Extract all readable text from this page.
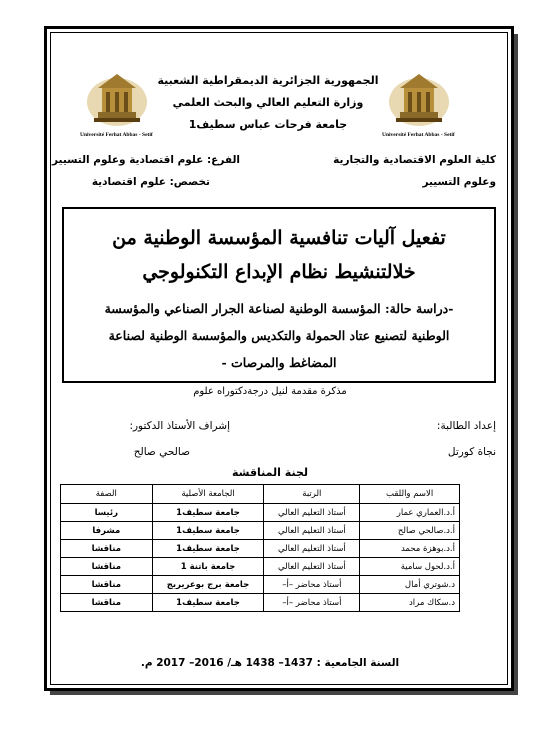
Université Ferhat Abbas - Setif	Université Ferhat Abbas - Setif
الجمهورية الجزائرية الديمقراطية الشعبية
وزارة التعليم العالي والبحث العلمي
جامعة فرحات عباس سطيف1
كلية العلوم الاقتصادية والتجارية
وعلوم التسيير
الفرع: علوم اقتصادية وعلوم التسيير
تخصص: علوم اقتصادية
تفعيل آليات تنافسية المؤسسة الوطنية من
خلالتنشيط نظام الإبداع التكنولوجي
-دراسة حالة: المؤسسة الوطنية لصناعة الجرار الصناعي والمؤسسة
الوطنية لتصنيع عتاد الحمولة والتكديس والمؤسسة الوطنية لصناعة
المضاغط والمرصات -
مذكرة مقدمة لنيل درجةدكتوراه علوم
إعداد الطالبة:
نجاة كورتل
إشراف الأستاذ الدكتور:
صالحي صالح
لجنة المناقشة
الاسم واللقب	الرتبة	الجامعة الأصلية	الصفة
أ.د.العماري عمار	أستاذ التعليم العالي	جامعة سطيف1	رئيسا
أ.د.صالحي صالح	أستاذ التعليم العالي	جامعة سطيف1	مشرفا
أ.د.بوهزة محمد	أستاذ التعليم العالي	جامعة سطيف1	مناقشا
أ.د.لحول سامية	أستاذ التعليم العالي	جامعة باتنة 1	مناقشا
د.شوتري أمال	أستاذ محاضر –أ–	جامعة برج بوعريريج	مناقشا
د.سكاك مراد	أستاذ محاضر –أ–	جامعة سطيف1	مناقشا
السنة الجامعية : 1437– 1438 هـ/ 2016– 2017 م.
